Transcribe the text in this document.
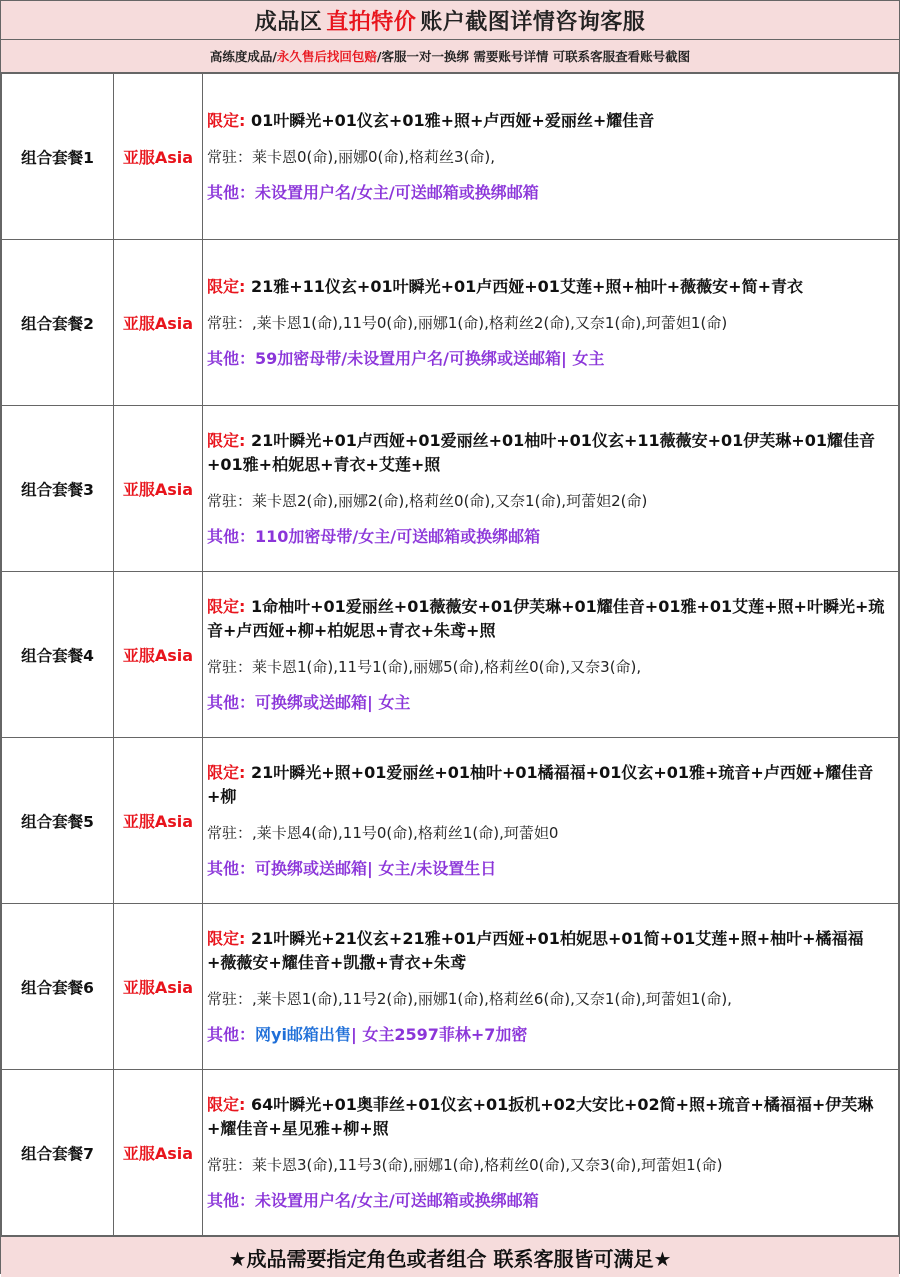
成品区 直拍特价 账户截图详情咨询客服
高练度成品/ 永久售后找回包赔 /客服一对一换绑 需要账号详情 可联系客服查看账号截图
组合套餐1	亚服Asia	限定: 01叶瞬光+01仪玄+01雅+照+卢西娅+爱丽丝+耀佳音
常驻：莱卡恩0(命),丽娜0(命),格莉丝3(命),
其他：未设置用户名/女主/可送邮箱或换绑邮箱

组合套餐2	亚服Asia	限定: 21雅+11仪玄+01叶瞬光+01卢西娅+01艾莲+照+柚叶+薇薇安+简+青衣
常驻：,莱卡恩1(命),11号0(命),丽娜1(命),格莉丝2(命),又奈1(命),珂蕾妲1(命)
其他：59加密母带/未设置用户名/可换绑或送邮箱| 女主

组合套餐3	亚服Asia	限定: 21叶瞬光+01卢西娅+01爱丽丝+01柚叶+01仪玄+11薇薇安+01伊芙琳+01耀佳音+01雅+柏妮思+青衣+艾莲+照
常驻：莱卡恩2(命),丽娜2(命),格莉丝0(命),又奈1(命),珂蕾妲2(命)
其他：110加密母带/女主/可送邮箱或换绑邮箱

组合套餐4	亚服Asia	限定: 1命柚叶+01爱丽丝+01薇薇安+01伊芙琳+01耀佳音+01雅+01艾莲+照+叶瞬光+琉音+卢西娅+柳+柏妮思+青衣+朱鸢+照
常驻：莱卡恩1(命),11号1(命),丽娜5(命),格莉丝0(命),又奈3(命),
其他：可换绑或送邮箱| 女主

组合套餐5	亚服Asia	限定: 21叶瞬光+照+01爱丽丝+01柚叶+01橘福福+01仪玄+01雅+琉音+卢西娅+耀佳音+柳
常驻：,莱卡恩4(命),11号0(命),格莉丝1(命),珂蕾妲0
其他：可换绑或送邮箱| 女主/未设置生日

组合套餐6	亚服Asia	限定: 21叶瞬光+21仪玄+21雅+01卢西娅+01柏妮思+01简+01艾莲+照+柚叶+橘福福+薇薇安+耀佳音+凯撒+青衣+朱鸢
常驻：,莱卡恩1(命),11号2(命),丽娜1(命),格莉丝6(命),又奈1(命),珂蕾妲1(命),
其他：网yi邮箱出售| 女主2597菲林+7加密

组合套餐7	亚服Asia	限定: 64叶瞬光+01奥菲丝+01仪玄+01扳机+02大安比+02简+照+琉音+橘福福+伊芙琳+耀佳音+星见雅+柳+照
常驻：莱卡恩3(命),11号3(命),丽娜1(命),格莉丝0(命),又奈3(命),珂蕾妲1(命)
其他：未设置用户名/女主/可送邮箱或换绑邮箱
★成品需要指定角色或者组合 联系客服皆可满足★
